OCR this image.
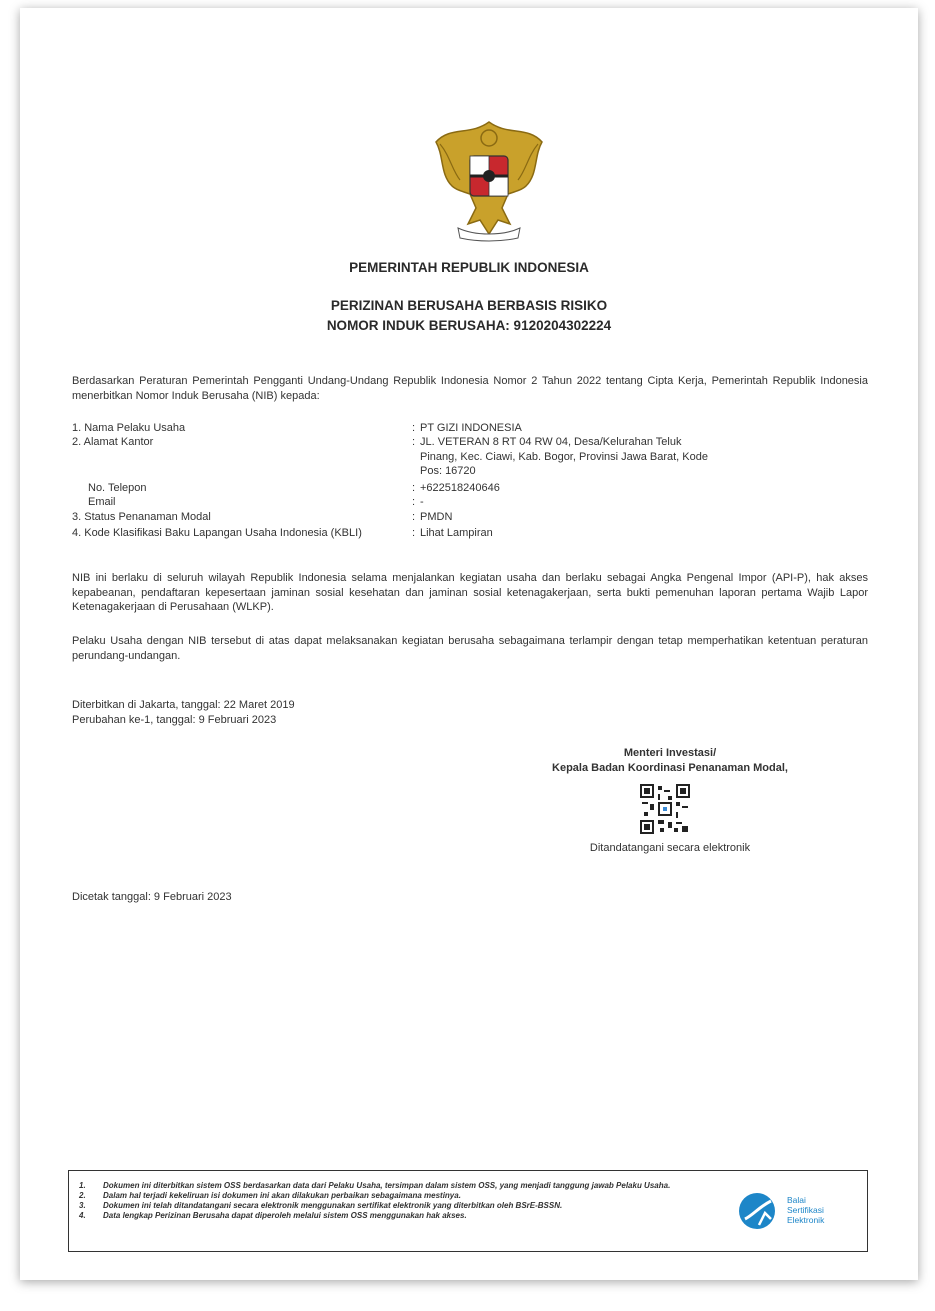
PEMERINTAH REPUBLIK INDONESIA
PERIZINAN BERUSAHA BERBASIS RISIKO
NOMOR INDUK BERUSAHA: 9120204302224
Berdasarkan Peraturan Pemerintah Pengganti Undang-Undang Republik Indonesia Nomor 2 Tahun 2022 tentang Cipta Kerja, Pemerintah Republik Indonesia menerbitkan Nomor Induk Berusaha (NIB) kepada:
1. Nama Pelaku Usaha	: PT GIZI INDONESIA
2. Alamat Kantor	: JL. VETERAN 8 RT 04 RW 04, Desa/Kelurahan Teluk Pinang, Kec. Ciawi, Kab. Bogor, Provinsi Jawa Barat, Kode Pos: 16720
No. Telepon	: +622518240646
Email	: -
3. Status Penanaman Modal	: PMDN
4. Kode Klasifikasi Baku Lapangan Usaha Indonesia (KBLI)	: Lihat Lampiran
NIB ini berlaku di seluruh wilayah Republik Indonesia selama menjalankan kegiatan usaha dan berlaku sebagai Angka Pengenal Impor (API-P), hak akses kepabeanan, pendaftaran kepesertaan jaminan sosial kesehatan dan jaminan sosial ketenagakerjaan, serta bukti pemenuhan laporan pertama Wajib Lapor Ketenagakerjaan di Perusahaan (WLKP).
Pelaku Usaha dengan NIB tersebut di atas dapat melaksanakan kegiatan berusaha sebagaimana terlampir dengan tetap memperhatikan ketentuan peraturan perundang-undangan.
Diterbitkan di Jakarta, tanggal: 22 Maret 2019
Perubahan ke-1, tanggal: 9 Februari 2023
Menteri Investasi/
Kepala Badan Koordinasi Penanaman Modal,
Ditandatangani secara elektronik
Dicetak tanggal: 9 Februari 2023
1. Dokumen ini diterbitkan sistem OSS berdasarkan data dari Pelaku Usaha, tersimpan dalam sistem OSS, yang menjadi tanggung jawab Pelaku Usaha.
2. Dalam hal terjadi kekeliruan isi dokumen ini akan dilakukan perbaikan sebagaimana mestinya.
3. Dokumen ini telah ditandatangani secara elektronik menggunakan sertifikat elektronik yang diterbitkan oleh BSrE-BSSN.
4. Data lengkap Perizinan Berusaha dapat diperoleh melalui sistem OSS menggunakan hak akses.
Balai
Sertifikasi
Elektronik
